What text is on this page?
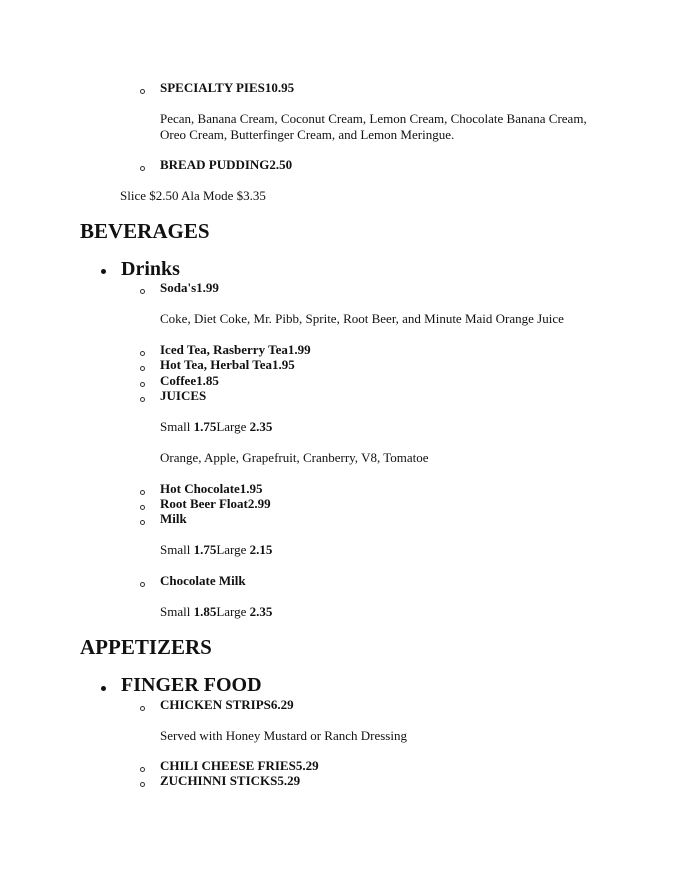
SPECIALTY PIES10.95
Pecan, Banana Cream, Coconut Cream, Lemon Cream, Chocolate Banana Cream,
Oreo Cream, Butterfinger Cream, and Lemon Meringue.
BREAD PUDDING2.50
Slice $2.50 Ala Mode $3.35
BEVERAGES
Drinks
Soda's1.99
Coke, Diet Coke, Mr. Pibb, Sprite, Root Beer, and Minute Maid Orange Juice
Iced Tea, Rasberry Tea1.99
Hot Tea, Herbal Tea1.95
Coffee1.85
JUICES
Small 1.75Large 2.35
Orange, Apple, Grapefruit, Cranberry, V8, Tomatoe
Hot Chocolate1.95
Root Beer Float2.99
Milk
Small 1.75Large 2.15
Chocolate Milk
Small 1.85Large 2.35
APPETIZERS
FINGER FOOD
CHICKEN STRIPS6.29
Served with Honey Mustard or Ranch Dressing
CHILI CHEESE FRIES5.29
ZUCHINNI STICKS5.29
